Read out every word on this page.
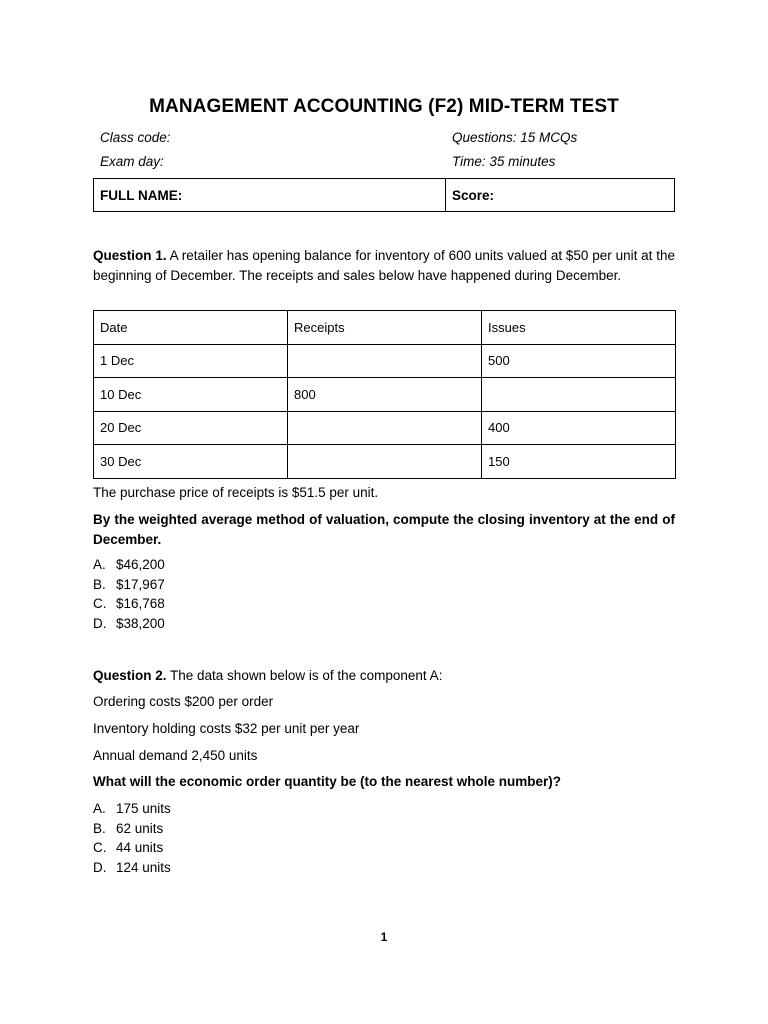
MANAGEMENT ACCOUNTING (F2) MID-TERM TEST
Class code:
Exam day:
Questions: 15 MCQs
Time: 35 minutes
FULL NAME:	Score:
Question 1. A retailer has opening balance for inventory of 600 units valued at $50 per unit at the beginning of December. The receipts and sales below have happened during December.
Date	Receipts	Issues
1 Dec		500
10 Dec	800	
20 Dec		400
30 Dec		150
The purchase price of receipts is $51.5 per unit.
By the weighted average method of valuation, compute the closing inventory at the end of December.
A. $46,200
B. $17,967
C. $16,768
D. $38,200
Question 2. The data shown below is of the component A:
Ordering costs $200 per order
Inventory holding costs $32 per unit per year
Annual demand 2,450 units
What will the economic order quantity be (to the nearest whole number)?
A. 175 units
B. 62 units
C. 44 units
D. 124 units
1
